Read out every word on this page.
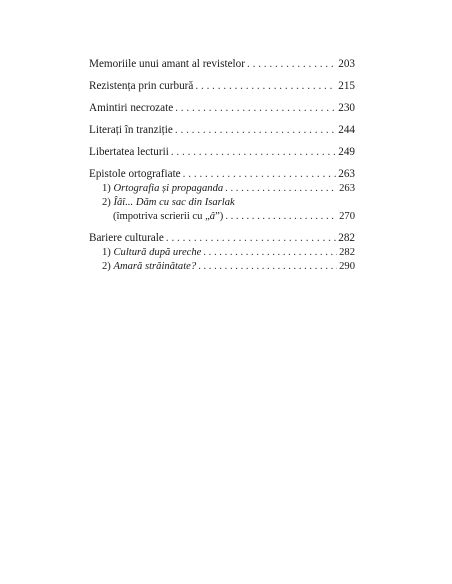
Memoriile unui amant al revistelor . . .	203
Rezistența prin curbură . . .	215
Amintiri necrozate . . .	230
Literați în tranziție . . .	244
Libertatea lecturii . . .	249
Epistole ortografiate . . .	263
1)
Ortografia și propaganda . . .	263
2)
Îâî... Dăm cu sac din Isarlak
(împotriva scrierii cu „â”) . . .	270
Bariere culturale . . .	282
1)
Cultură după ureche . . .	282
2)
Amară străinătate? . . .	290
